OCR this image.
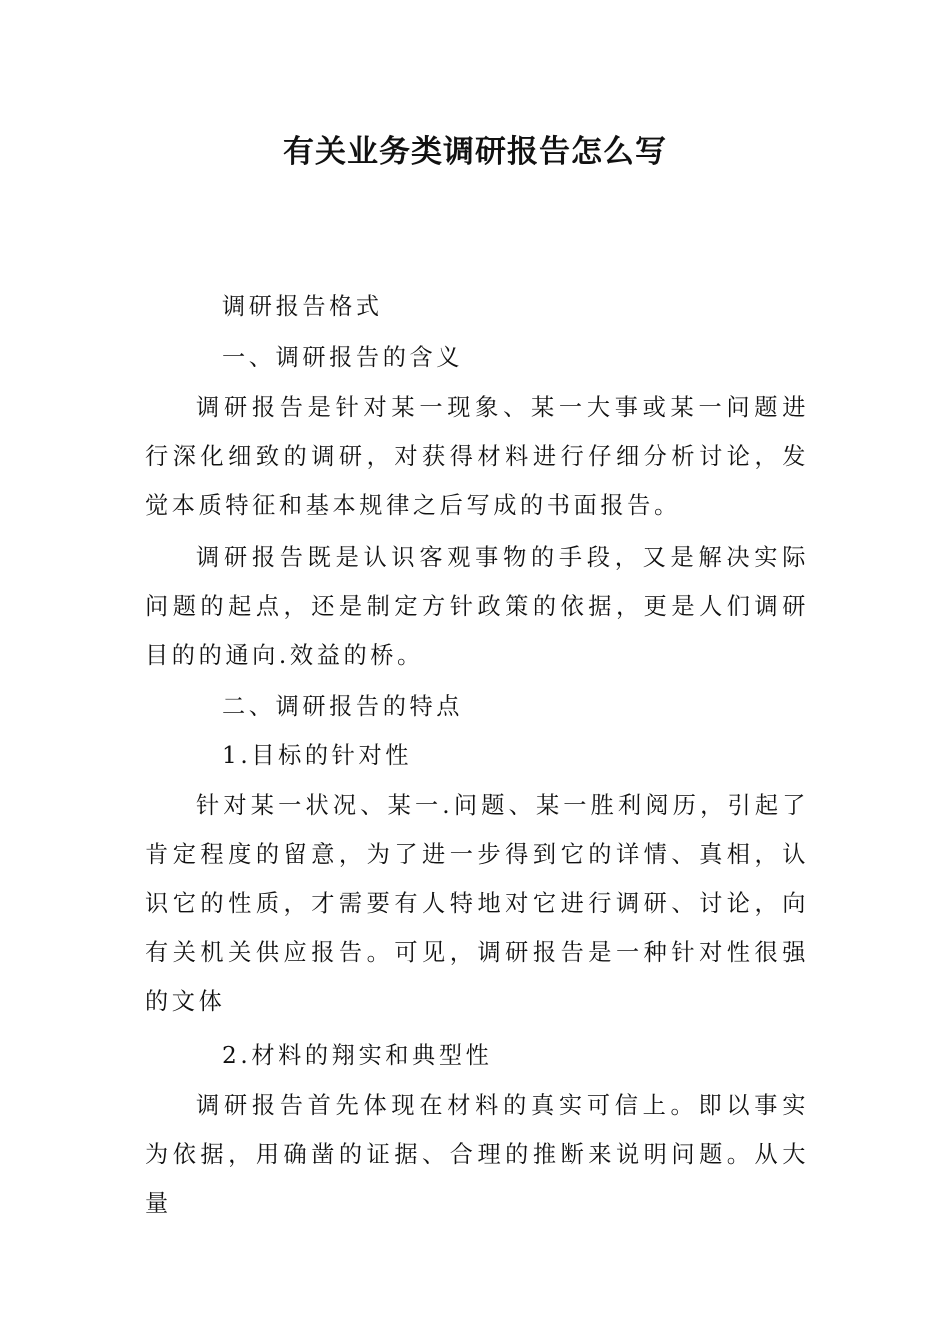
有关业务类调研报告怎么写
调研报告格式
一、调研报告的含义
调研报告是针对某一现象、某一大事或某一问题进行深化细致的调研，对获得材料进行仔细分析讨论，发觉本质特征和基本规律之后写成的书面报告。
调研报告既是认识客观事物的手段，又是解决实际问题的起点，还是制定方针政策的依据，更是人们调研目的的通向.效益的桥。
二、调研报告的特点
1.目标的针对性
针对某一状况、某一.问题、某一胜利阅历，引起了肯定程度的留意，为了进一步得到它的详情、真相，认识它的性质，才需要有人特地对它进行调研、讨论，向有关机关供应报告。可见，调研报告是一种针对性很强的文体
2.材料的翔实和典型性
调研报告首先体现在材料的真实可信上。即以事实为依据，用确凿的证据、合理的推断来说明问题。从大量
